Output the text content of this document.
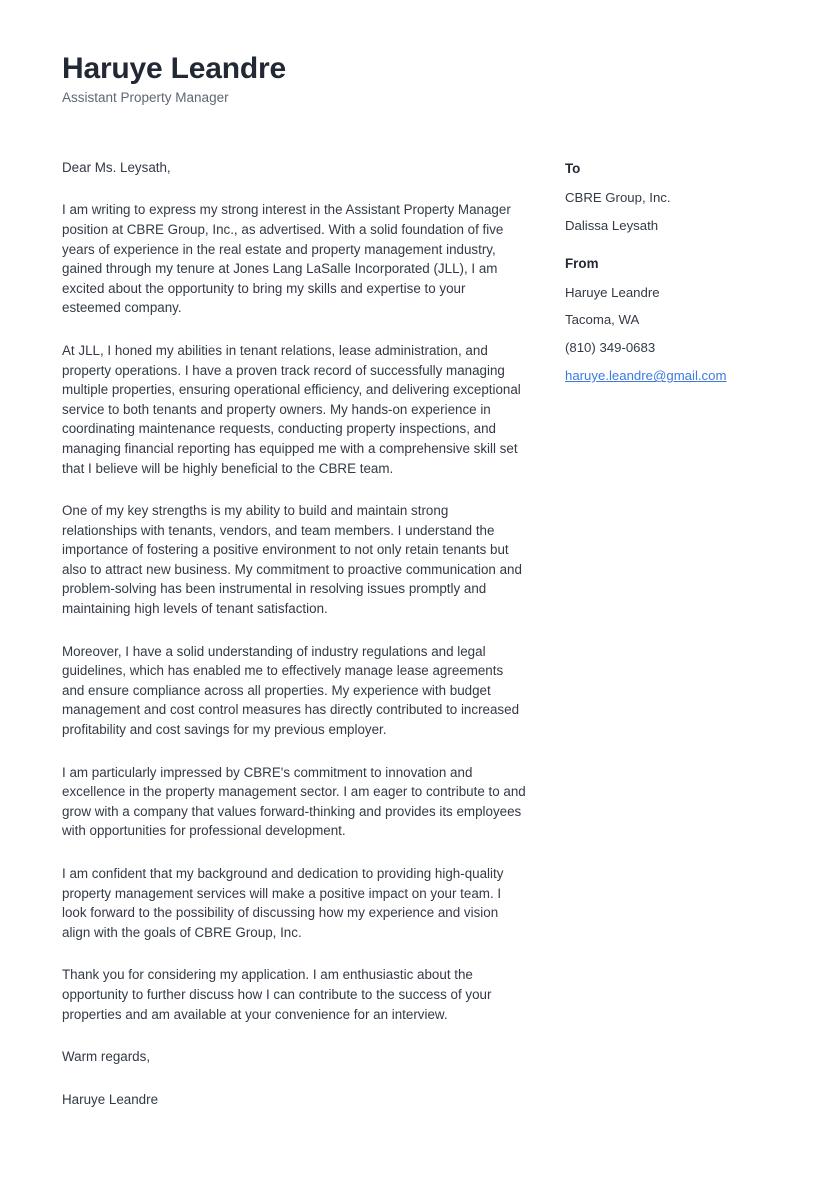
Haruye Leandre
Assistant Property Manager

Dear Ms. Leysath,

I am writing to express my strong interest in the Assistant Property Manager position at CBRE Group, Inc., as advertised. With a solid foundation of five years of experience in the real estate and property management industry, gained through my tenure at Jones Lang LaSalle Incorporated (JLL), I am excited about the opportunity to bring my skills and expertise to your esteemed company.

At JLL, I honed my abilities in tenant relations, lease administration, and property operations. I have a proven track record of successfully managing multiple properties, ensuring operational efficiency, and delivering exceptional service to both tenants and property owners. My hands-on experience in coordinating maintenance requests, conducting property inspections, and managing financial reporting has equipped me with a comprehensive skill set that I believe will be highly beneficial to the CBRE team.

One of my key strengths is my ability to build and maintain strong relationships with tenants, vendors, and team members. I understand the importance of fostering a positive environment to not only retain tenants but also to attract new business. My commitment to proactive communication and problem-solving has been instrumental in resolving issues promptly and maintaining high levels of tenant satisfaction.

Moreover, I have a solid understanding of industry regulations and legal guidelines, which has enabled me to effectively manage lease agreements and ensure compliance across all properties. My experience with budget management and cost control measures has directly contributed to increased profitability and cost savings for my previous employer.

I am particularly impressed by CBRE's commitment to innovation and excellence in the property management sector. I am eager to contribute to and grow with a company that values forward-thinking and provides its employees with opportunities for professional development.

I am confident that my background and dedication to providing high-quality property management services will make a positive impact on your team. I look forward to the possibility of discussing how my experience and vision align with the goals of CBRE Group, Inc.

Thank you for considering my application. I am enthusiastic about the opportunity to further discuss how I can contribute to the success of your properties and am available at your convenience for an interview.

Warm regards,

Haruye Leandre

To
CBRE Group, Inc.
Dalissa Leysath
From
Haruye Leandre
Tacoma, WA
(810) 349-0683
haruye.leandre@gmail.com
